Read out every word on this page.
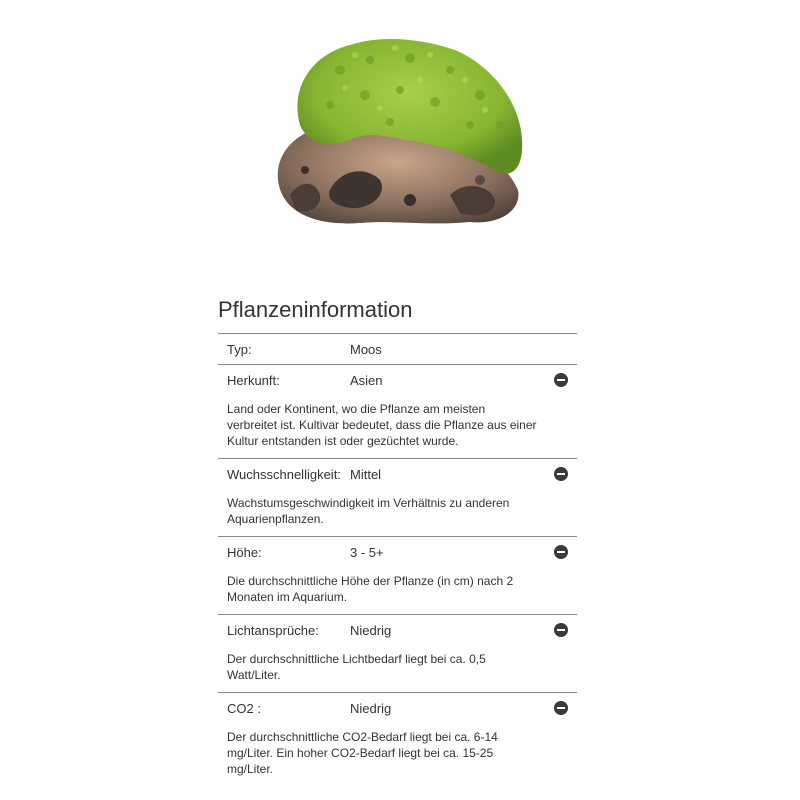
Pflanzeninformation
Typ:	Moos
Herkunft:	Asien
Land oder Kontinent, wo die Pflanze am meisten verbreitet ist. Kultivar bedeutet, dass die Pflanze aus einer Kultur entstanden ist oder gezüchtet wurde.
Wuchsschnelligkeit: Mittel
Wachstumsgeschwindigkeit im Verhältnis zu anderen Aquarienpflanzen.
Höhe:	3 - 5+
Die durchschnittliche Höhe der Pflanze (in cm) nach 2 Monaten im Aquarium.
Lichtansprüche:	Niedrig
Der durchschnittliche Lichtbedarf liegt bei ca. 0,5 Watt/Liter.
CO2 :	Niedrig
Der durchschnittliche CO2-Bedarf liegt bei ca. 6-14 mg/Liter. Ein hoher CO2-Bedarf liegt bei ca. 15-25 mg/Liter.
